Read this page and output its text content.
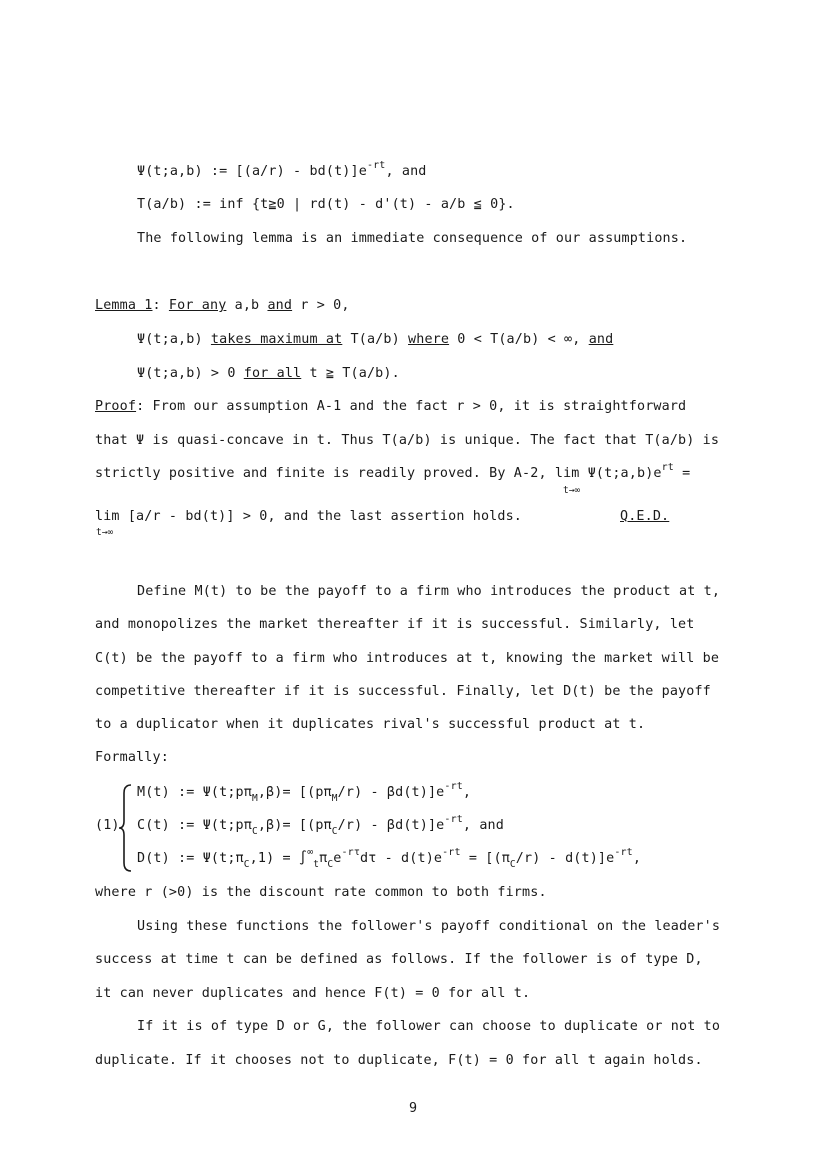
Ψ(t;a,b) := $[(a/r) - bd(t)]e^{-rt}$, and
T(a/b) := inf {t≧0 | rd(t) - d'(t) - a/b ≦ 0}.
The following lemma is an immediate consequence of our assumptions.
Lemma 1: For any a,b and r > 0,
Ψ(t;a,b) takes maximum at T(a/b) where 0 < T(a/b) < ∞, and
Ψ(t;a,b) > 0 for all t ≧ T(a/b).
Proof: From our assumption A-1 and the fact r > 0, it is straightforward
that Ψ is quasi-concave in t. Thus T(a/b) is unique. The fact that T(a/b) is
strictly positive and finite is readily proved. By A-2, $\lim \Psi(t;a,b)e^{rt}$ =
t→∞
lim [a/r - bd(t)] > 0, and the last assertion holds.
t→∞
Q.E.D.
Define M(t) to be the payoff to a firm who introduces the product at t,
and monopolizes the market thereafter if it is successful. Similarly, let
C(t) be the payoff to a firm who introduces at t, knowing the market will be
competitive thereafter if it is successful. Finally, let D(t) be the payoff
to a duplicator when it duplicates rival's successful product at t.
Formally:
(1)
M(t) := $\Psi(t;p\pi_M,\beta)= [(p\pi_M/r) - \beta d(t)]e^{-rt}$,
C(t) := $\Psi(t;p\pi_C,\beta)= [(p\pi_C/r) - \beta d(t)]e^{-rt}$, and
D(t) := $\Psi(t;\pi_C,1) = \int^\infty_t\pi_Ce^{-r\tau}d\tau - d(t)e^{-rt} = [(\pi_C/r) - d(t)]e^{-rt}$,
where r (>0) is the discount rate common to both firms.
Using these functions the follower's payoff conditional on the leader's
success at time t can be defined as follows. If the follower is of type D,
it can never duplicates and hence F(t) = 0 for all t.
If it is of type D or G, the follower can choose to duplicate or not to
duplicate. If it chooses not to duplicate, F(t) = 0 for all t again holds.
9
